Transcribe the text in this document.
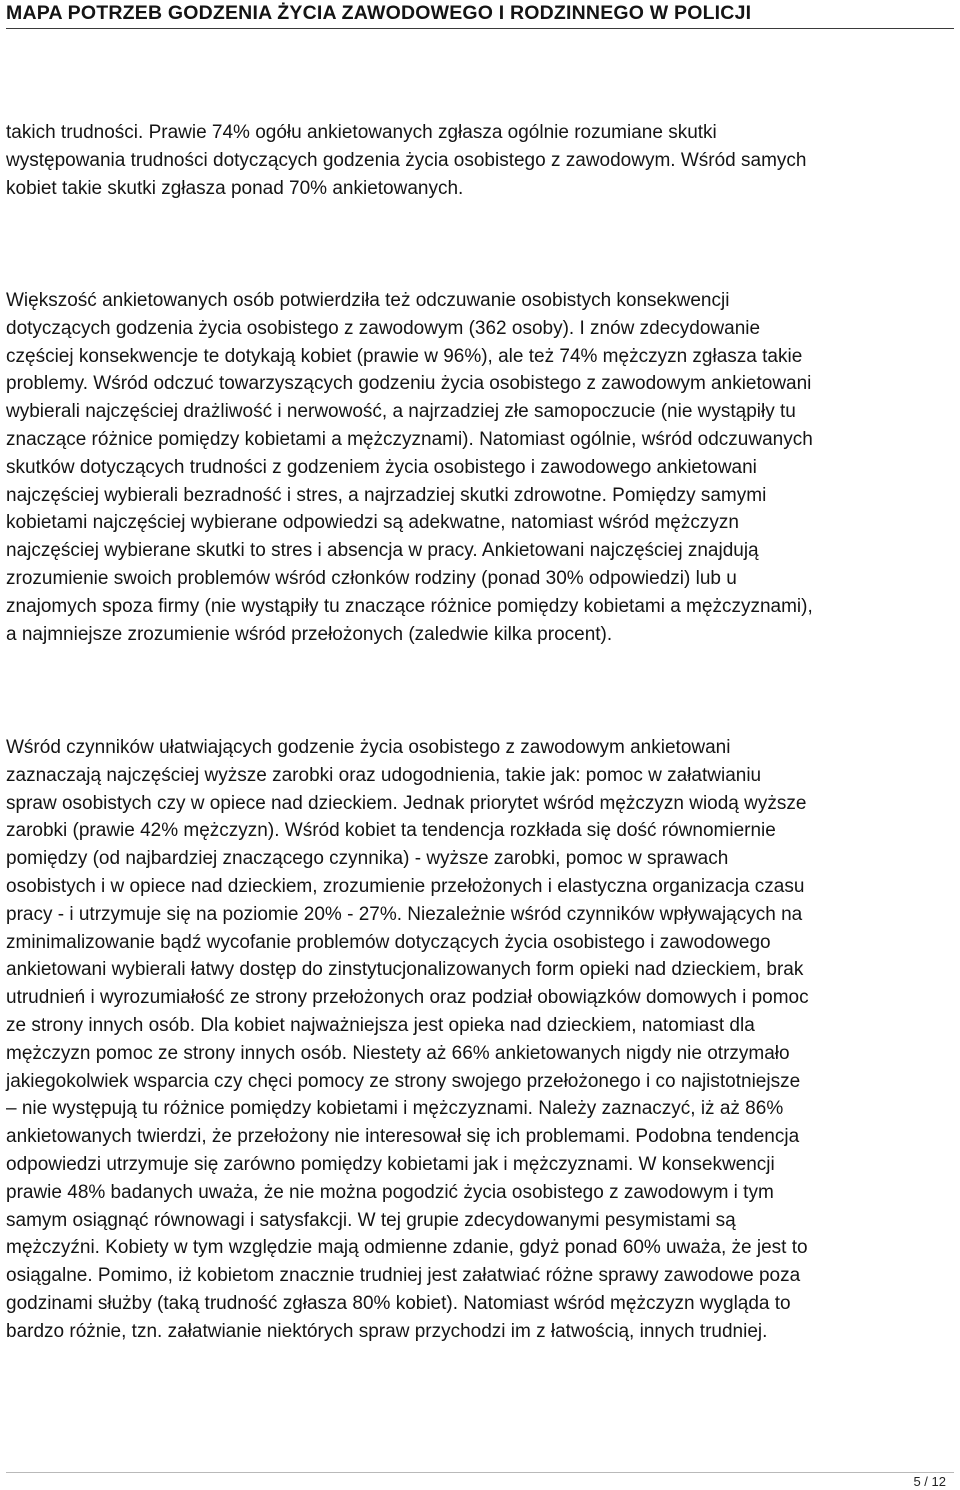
MAPA POTRZEB GODZENIA ŻYCIA ZAWODOWEGO I RODZINNEGO W POLICJI

takich trudności. Prawie 74% ogółu ankietowanych zgłasza ogólnie rozumiane skutki
występowania trudności dotyczących godzenia życia osobistego z zawodowym. Wśród samych
kobiet takie skutki zgłasza ponad 70% ankietowanych.

Większość ankietowanych osób potwierdziła też odczuwanie osobistych konsekwencji
dotyczących godzenia życia osobistego z zawodowym (362 osoby). I znów zdecydowanie
częściej konsekwencje te dotykają kobiet (prawie w 96%), ale też 74% mężczyzn zgłasza takie
problemy. Wśród odczuć towarzyszących godzeniu życia osobistego z zawodowym ankietowani
wybierali najczęściej drażliwość i nerwowość, a najrzadziej złe samopoczucie (nie wystąpiły tu
znaczące różnice pomiędzy kobietami a mężczyznami). Natomiast ogólnie, wśród odczuwanych
skutków dotyczących trudności z godzeniem życia osobistego i zawodowego ankietowani
najczęściej wybierali bezradność i stres, a najrzadziej skutki zdrowotne. Pomiędzy samymi
kobietami najczęściej wybierane odpowiedzi są adekwatne, natomiast wśród mężczyzn
najczęściej wybierane skutki to stres i absencja w pracy. Ankietowani najczęściej znajdują
zrozumienie swoich problemów wśród członków rodziny (ponad 30% odpowiedzi) lub u
znajomych spoza firmy (nie wystąpiły tu znaczące różnice pomiędzy kobietami a mężczyznami),
a najmniejsze zrozumienie wśród przełożonych (zaledwie kilka procent).

Wśród czynników ułatwiających godzenie życia osobistego z zawodowym ankietowani
zaznaczają najczęściej wyższe zarobki oraz udogodnienia, takie jak: pomoc w załatwianiu
spraw osobistych czy w opiece nad dzieckiem. Jednak priorytet wśród mężczyzn wiodą wyższe
zarobki (prawie 42% mężczyzn). Wśród kobiet ta tendencja rozkłada się dość równomiernie
pomiędzy (od najbardziej znaczącego czynnika) - wyższe zarobki, pomoc w sprawach
osobistych i w opiece nad dzieckiem, zrozumienie przełożonych i elastyczna organizacja czasu
pracy - i utrzymuje się na poziomie 20% - 27%. Niezależnie wśród czynników wpływających na
zminimalizowanie bądź wycofanie problemów dotyczących życia osobistego i zawodowego
ankietowani wybierali łatwy dostęp do zinstytucjonalizowanych form opieki nad dzieckiem, brak
utrudnień i wyrozumiałość ze strony przełożonych oraz podział obowiązków domowych i pomoc
ze strony innych osób. Dla kobiet najważniejsza jest opieka nad dzieckiem, natomiast dla
mężczyzn pomoc ze strony innych osób. Niestety aż 66% ankietowanych nigdy nie otrzymało
jakiegokolwiek wsparcia czy chęci pomocy ze strony swojego przełożonego i co najistotniejsze
– nie występują tu różnice pomiędzy kobietami i mężczyznami. Należy zaznaczyć, iż aż 86%
ankietowanych twierdzi, że przełożony nie interesował się ich problemami. Podobna tendencja
odpowiedzi utrzymuje się zarówno pomiędzy kobietami jak i mężczyznami. W konsekwencji
prawie 48% badanych uważa, że nie można pogodzić życia osobistego z zawodowym i tym
samym osiągnąć równowagi i satysfakcji. W tej grupie zdecydowanymi pesymistami są
mężczyźni. Kobiety w tym względzie mają odmienne zdanie, gdyż ponad 60% uważa, że jest to
osiągalne. Pomimo, iż kobietom znacznie trudniej jest załatwiać różne sprawy zawodowe poza
godzinami służby (taką trudność zgłasza 80% kobiet). Natomiast wśród mężczyzn wygląda to
bardzo różnie, tzn. załatwianie niektórych spraw przychodzi im z łatwością, innych trudniej.

5 / 12
